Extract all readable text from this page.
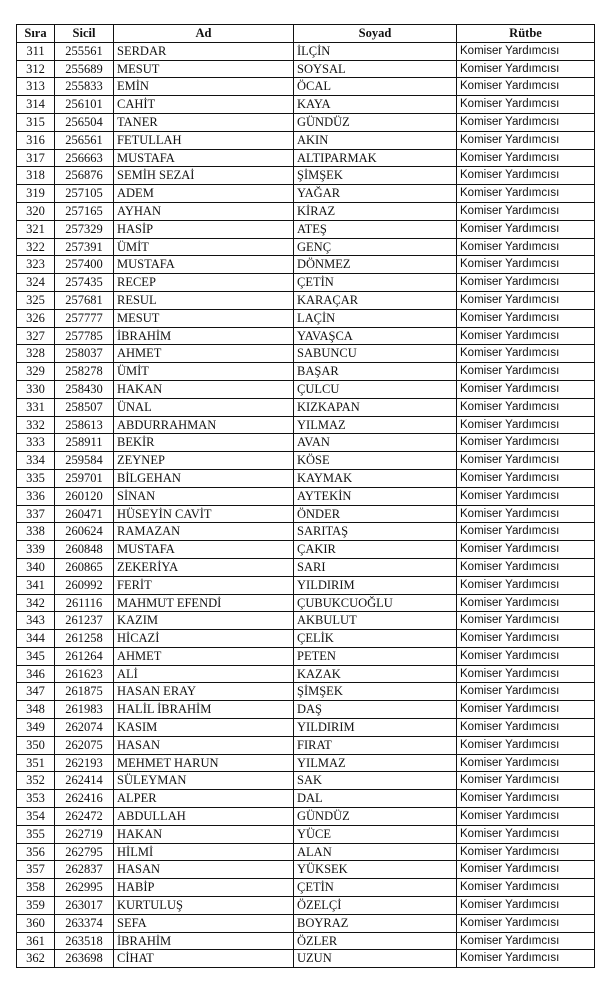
Sıra	Sicil	Ad	Soyad	Rütbe
311	255561	SERDAR	İLÇİN	Komiser Yardımcısı
312	255689	MESUT	SOYSAL	Komiser Yardımcısı
313	255833	EMİN	ÖCAL	Komiser Yardımcısı
314	256101	CAHİT	KAYA	Komiser Yardımcısı
315	256504	TANER	GÜNDÜZ	Komiser Yardımcısı
316	256561	FETULLAH	AKIN	Komiser Yardımcısı
317	256663	MUSTAFA	ALTIPARMAK	Komiser Yardımcısı
318	256876	SEMİH SEZAİ	ŞİMŞEK	Komiser Yardımcısı
319	257105	ADEM	YAĞAR	Komiser Yardımcısı
320	257165	AYHAN	KİRAZ	Komiser Yardımcısı
321	257329	HASİP	ATEŞ	Komiser Yardımcısı
322	257391	ÜMİT	GENÇ	Komiser Yardımcısı
323	257400	MUSTAFA	DÖNMEZ	Komiser Yardımcısı
324	257435	RECEP	ÇETİN	Komiser Yardımcısı
325	257681	RESUL	KARAÇAR	Komiser Yardımcısı
326	257777	MESUT	LAÇİN	Komiser Yardımcısı
327	257785	İBRAHİM	YAVAŞCA	Komiser Yardımcısı
328	258037	AHMET	SABUNCU	Komiser Yardımcısı
329	258278	ÜMİT	BAŞAR	Komiser Yardımcısı
330	258430	HAKAN	ÇULCU	Komiser Yardımcısı
331	258507	ÜNAL	KIZKAPAN	Komiser Yardımcısı
332	258613	ABDURRAHMAN	YILMAZ	Komiser Yardımcısı
333	258911	BEKİR	AVAN	Komiser Yardımcısı
334	259584	ZEYNEP	KÖSE	Komiser Yardımcısı
335	259701	BİLGEHAN	KAYMAK	Komiser Yardımcısı
336	260120	SİNAN	AYTEKİN	Komiser Yardımcısı
337	260471	HÜSEYİN CAVİT	ÖNDER	Komiser Yardımcısı
338	260624	RAMAZAN	SARITAŞ	Komiser Yardımcısı
339	260848	MUSTAFA	ÇAKIR	Komiser Yardımcısı
340	260865	ZEKERİYA	SARI	Komiser Yardımcısı
341	260992	FERİT	YILDIRIM	Komiser Yardımcısı
342	261116	MAHMUT EFENDİ	ÇUBUKCUOĞLU	Komiser Yardımcısı
343	261237	KAZIM	AKBULUT	Komiser Yardımcısı
344	261258	HİCAZİ	ÇELİK	Komiser Yardımcısı
345	261264	AHMET	PETEN	Komiser Yardımcısı
346	261623	ALİ	KAZAK	Komiser Yardımcısı
347	261875	HASAN ERAY	ŞİMŞEK	Komiser Yardımcısı
348	261983	HALİL İBRAHİM	DAŞ	Komiser Yardımcısı
349	262074	KASIM	YILDIRIM	Komiser Yardımcısı
350	262075	HASAN	FIRAT	Komiser Yardımcısı
351	262193	MEHMET HARUN	YILMAZ	Komiser Yardımcısı
352	262414	SÜLEYMAN	SAK	Komiser Yardımcısı
353	262416	ALPER	DAL	Komiser Yardımcısı
354	262472	ABDULLAH	GÜNDÜZ	Komiser Yardımcısı
355	262719	HAKAN	YÜCE	Komiser Yardımcısı
356	262795	HİLMİ	ALAN	Komiser Yardımcısı
357	262837	HASAN	YÜKSEK	Komiser Yardımcısı
358	262995	HABİP	ÇETİN	Komiser Yardımcısı
359	263017	KURTULUŞ	ÖZELÇİ	Komiser Yardımcısı
360	263374	SEFA	BOYRAZ	Komiser Yardımcısı
361	263518	İBRAHİM	ÖZLER	Komiser Yardımcısı
362	263698	CİHAT	UZUN	Komiser Yardımcısı
